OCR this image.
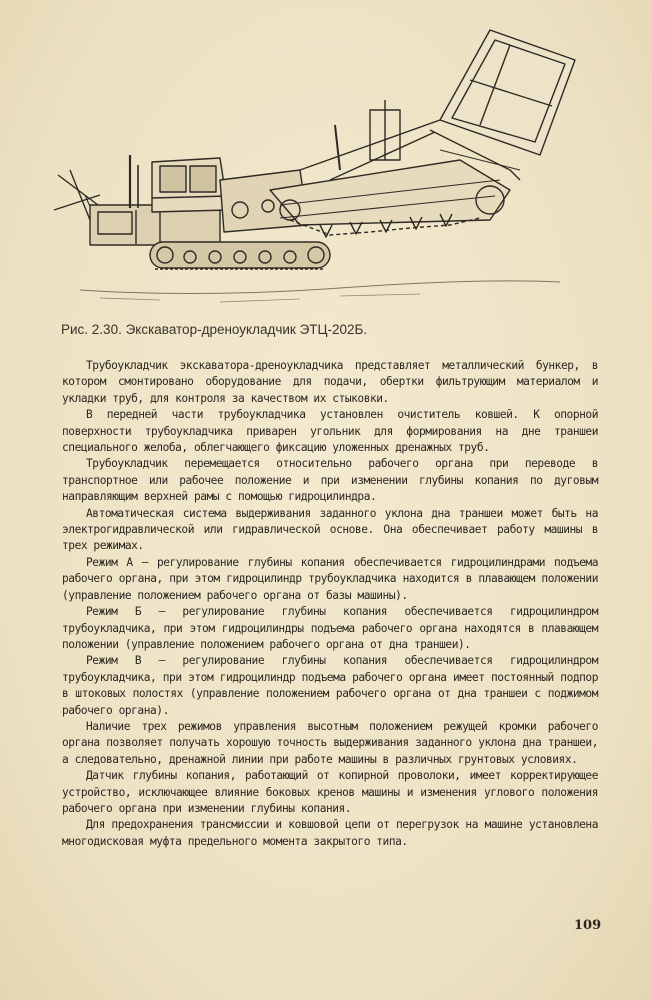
Рис. 2.30. Экскаватор-дреноукладчик ЭТЦ-202Б.

Трубоукладчик экскаватора-дреноукладчика представляет металлический бункер, в котором смонтировано оборудование для подачи, обертки фильтрующим материалом и укладки труб, для контроля за качеством их стыковки.

В передней части трубоукладчика установлен очиститель ковшей. К опорной поверхности трубоукладчика приварен угольник для формирования на дне траншеи специального желоба, облегчающего фиксацию уложенных дренажных труб.

Трубоукладчик перемещается относительно рабочего органа при переводе в транспортное или рабочее положение и при изменении глубины копания по дуговым направляющим верхней рамы с помощью гидроцилиндра.

Автоматическая система выдерживания заданного уклона дна траншеи может быть на электрогидравлической или гидравлической основе. Она обеспечивает работу машины в трех режимах.

Режим А — регулирование глубины копания обеспечивается гидроцилиндрами подъема рабочего органа, при этом гидроцилиндр трубоукладчика находится в плавающем положении (управление положением рабочего органа от базы машины).

Режим Б — регулирование глубины копания обеспечивается гидроцилиндром трубоукладчика, при этом гидроцилиндры подъема рабочего органа находятся в плавающем положении (управление положением рабочего органа от дна траншеи).

Режим В — регулирование глубины копания обеспечивается гидроцилиндром трубоукладчика, при этом гидроцилиндр подъема рабочего органа имеет постоянный подпор в штоковых полостях (управление положением рабочего органа от дна траншеи с поджимом рабочего органа).

Наличие трех режимов управления высотным положением режущей кромки рабочего органа позволяет получать хорошую точность выдерживания заданного уклона дна траншеи, а следовательно, дренажной линии при работе машины в различных грунтовых условиях.

Датчик глубины копания, работающий от копирной проволоки, имеет корректирующее устройство, исключающее влияние боковых кренов машины и изменения углового положения рабочего органа при изменении глубины копания.

Для предохранения трансмиссии и ковшовой цепи от перегрузок на машине установлена многодисковая муфта предельного момента закрытого типа.

109
